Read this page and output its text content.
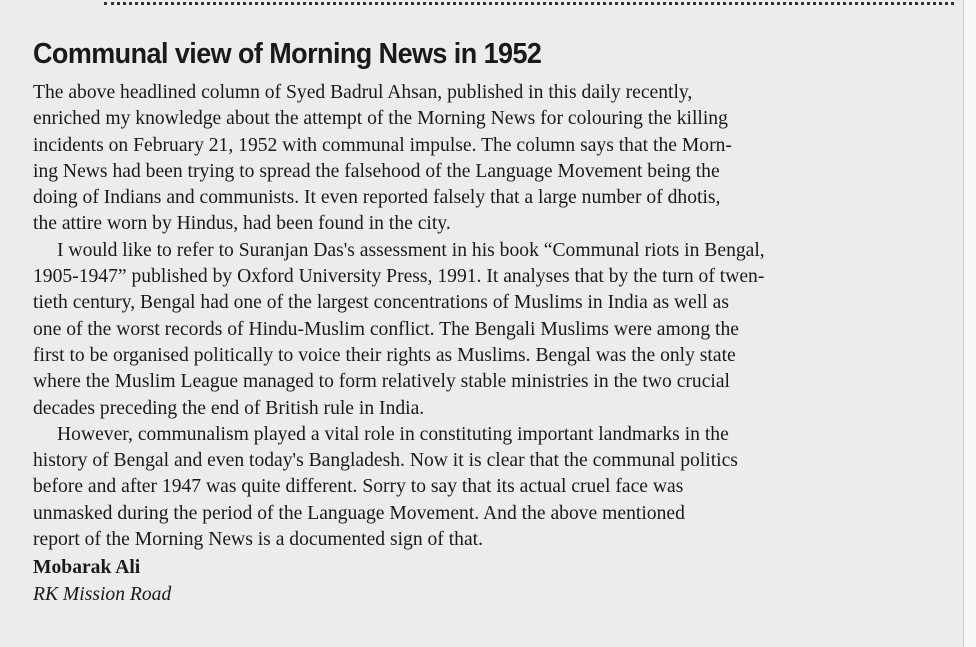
Communal view of Morning News in 1952

The above headlined column of Syed Badrul Ahsan, published in this daily recently,
enriched my knowledge about the attempt of the Morning News for colouring the killing
incidents on February 21, 1952 with communal impulse. The column says that the Morn-
ing News had been trying to spread the falsehood of the Language Movement being the
doing of Indians and communists. It even reported falsely that a large number of dhotis,
the attire worn by Hindus, had been found in the city.

I would like to refer to Suranjan Das's assessment in his book “Communal riots in Bengal,
1905-1947” published by Oxford University Press, 1991. It analyses that by the turn of twen-
tieth century, Bengal had one of the largest concentrations of Muslims in India as well as
one of the worst records of Hindu-Muslim conflict. The Bengali Muslims were among the
first to be organised politically to voice their rights as Muslims. Bengal was the only state
where the Muslim League managed to form relatively stable ministries in the two crucial
decades preceding the end of British rule in India.

However, communalism played a vital role in constituting important landmarks in the
history of Bengal and even today's Bangladesh. Now it is clear that the communal politics
before and after 1947 was quite different. Sorry to say that its actual cruel face was
unmasked during the period of the Language Movement. And the above mentioned
report of the Morning News is a documented sign of that.

Mobarak Ali

RK Mission Road
